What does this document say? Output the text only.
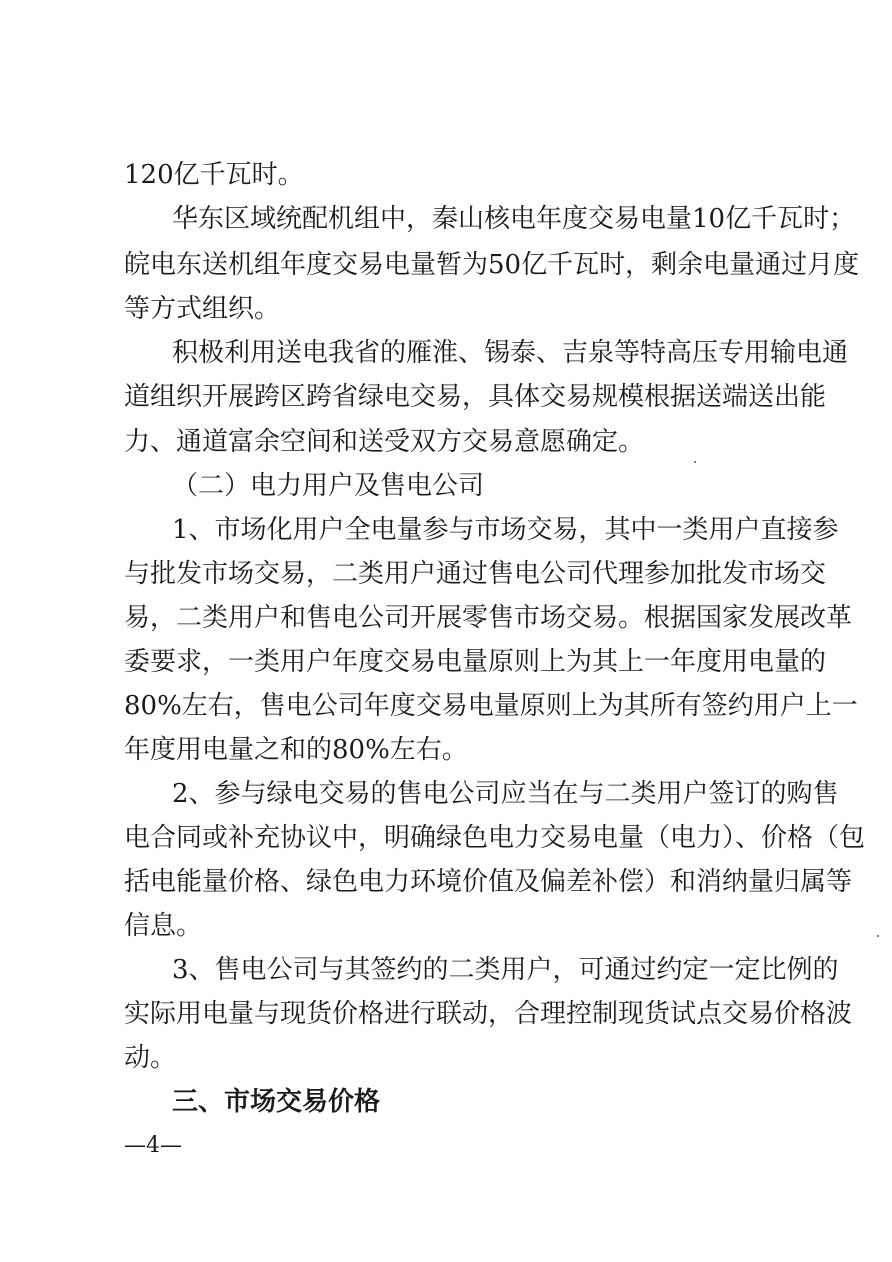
120亿千瓦时。
华东区域统配机组中，秦山核电年度交易电量10亿千瓦时；
皖电东送机组年度交易电量暂为50亿千瓦时，剩余电量通过月度
等方式组织。
积极利用送电我省的雁淮、锡泰、吉泉等特高压专用输电通
道组织开展跨区跨省绿电交易，具体交易规模根据送端送出能
力、通道富余空间和送受双方交易意愿确定。
（二）电力用户及售电公司
1、市场化用户全电量参与市场交易，其中一类用户直接参
与批发市场交易，二类用户通过售电公司代理参加批发市场交
易，二类用户和售电公司开展零售市场交易。根据国家发展改革
委要求，一类用户年度交易电量原则上为其上一年度用电量的
80%左右，售电公司年度交易电量原则上为其所有签约用户上一
年度用电量之和的80%左右。
2、参与绿电交易的售电公司应当在与二类用户签订的购售
电合同或补充协议中，明确绿色电力交易电量（电力）、价格（包
括电能量价格、绿色电力环境价值及偏差补偿）和消纳量归属等
信息。
3、售电公司与其签约的二类用户，可通过约定一定比例的
实际用电量与现货价格进行联动，合理控制现货试点交易价格波
动。
三、市场交易价格
—4—
